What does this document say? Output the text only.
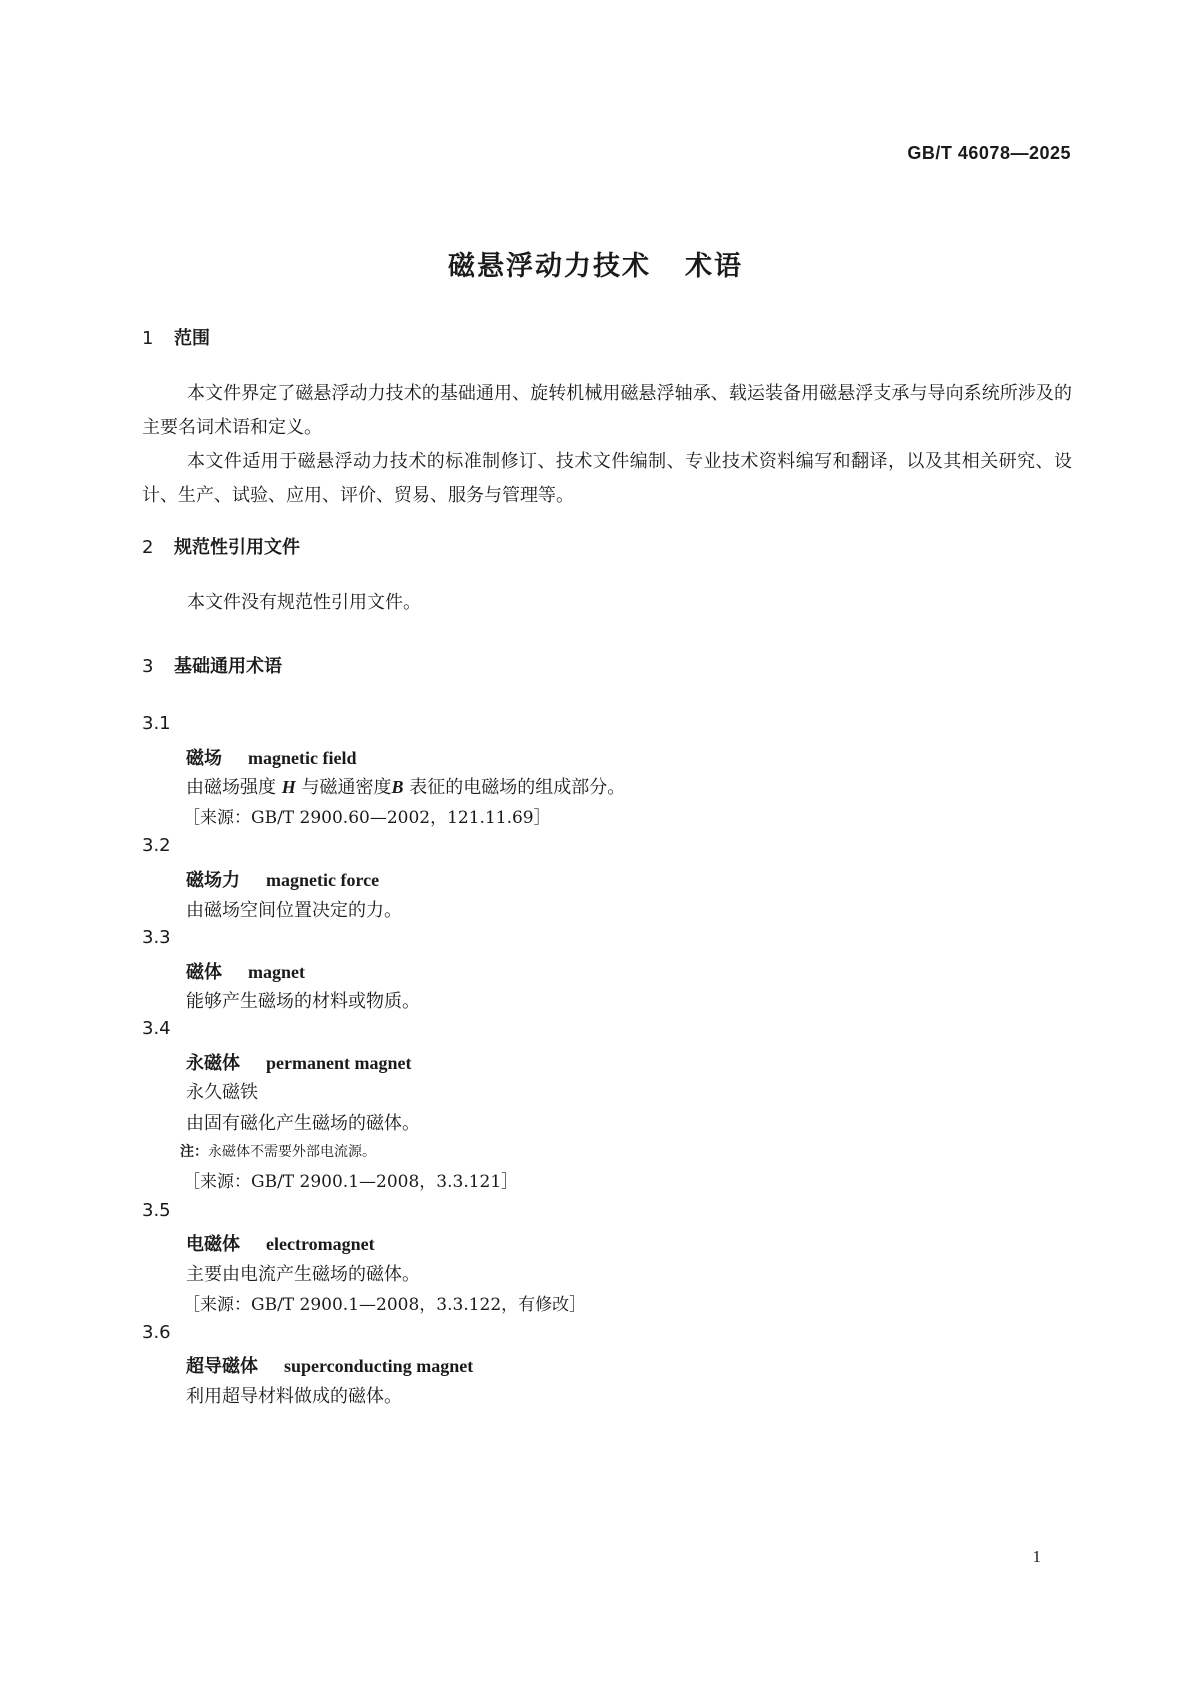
GB/T 46078—2025
磁悬浮动力技术 术语
1 范围

本文件界定了磁悬浮动力技术的基础通用、旋转机械用磁悬浮轴承、载运装备用磁悬浮支承与导向系统所涉及的主要名词术语和定义。

本文件适用于磁悬浮动力技术的标准制修订、技术文件编制、专业技术资料编写和翻译，以及其相关研究、设计、生产、试验、应用、评价、贸易、服务与管理等。

2 规范性引用文件

本文件没有规范性引用文件。

3 基础通用术语
3.1
磁场 magnetic field
由磁场强度 H 与磁通密度B 表征的电磁场的组成部分。
［来源：GB/T 2900.60—2002，121.11.69］
3.2
磁场力 magnetic force
由磁场空间位置决定的力。
3.3
磁体 magnet
能够产生磁场的材料或物质。
3.4
永磁体 permanent magnet
永久磁铁
由固有磁化产生磁场的磁体。
注：永磁体不需要外部电流源。
［来源：GB/T 2900.1—2008，3.3.121］
3.5
电磁体 electromagnet
主要由电流产生磁场的磁体。
［来源：GB/T 2900.1—2008，3.3.122，有修改］
3.6
超导磁体 superconducting magnet
利用超导材料做成的磁体。
1
